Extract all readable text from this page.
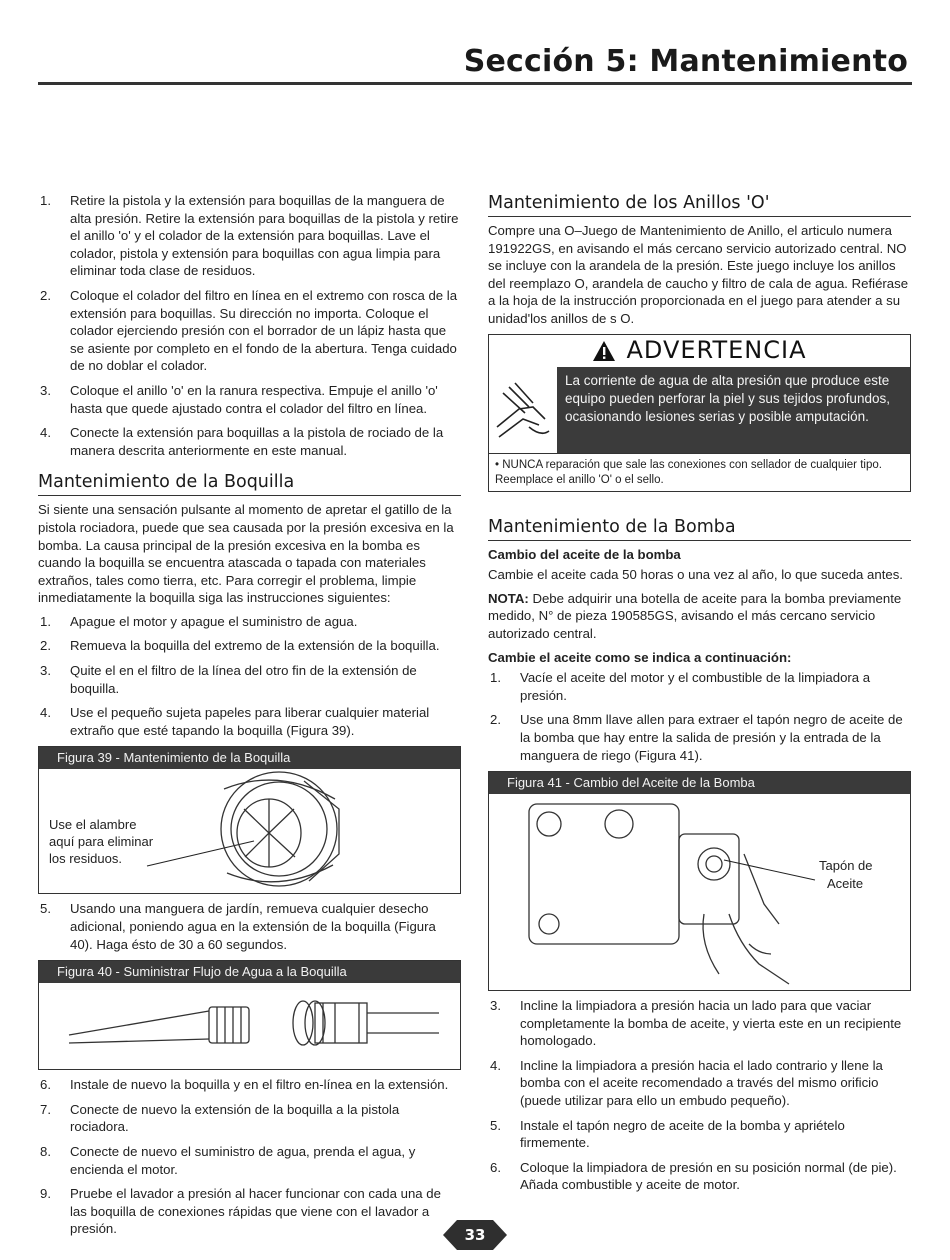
Sección 5: Mantenimiento
1. Retire la pistola y la extensión para boquillas de la manguera de alta presión. Retire la extensión para boquillas de la pistola y retire el anillo 'o' y el colador de la extensión para boquillas. Lave el colador, pistola y extensión para boquillas con agua limpia para eliminar toda clase de residuos.
2. Coloque el colador del filtro en línea en el extremo con rosca de la extensión para boquillas. Su dirección no importa. Coloque el colador ejerciendo presión con el borrador de un lápiz hasta que se asiente por completo en el fondo de la abertura. Tenga cuidado de no doblar el colador.
3. Coloque el anillo 'o' en la ranura respectiva. Empuje el anillo 'o' hasta que quede ajustado contra el colador del filtro en línea.
4. Conecte la extensión para boquillas a la pistola de rociado de la manera descrita anteriormente en este manual.
Mantenimiento de la Boquilla

Si siente una sensación pulsante al momento de apretar el gatillo de la pistola rociadora, puede que sea causada por la presión excesiva en la bomba. La causa principal de la presión excesiva en la bomba es cuando la boquilla se encuentra atascada o tapada con materiales extraños, tales como tierra, etc. Para corregir el problema, limpie inmediatamente la boquilla siga las instrucciones siguientes:

1. Apague el motor y apague el suministro de agua.
2. Remueva la boquilla del extremo de la extensión de la boquilla.
3. Quite el en el filtro de la línea del otro fin de la extensión de boquilla.
4. Use el pequeño sujeta papeles para liberar cualquier material extraño que esté tapando la boquilla (Figura 39).
Figura 39 - Mantenimiento de la Boquilla
Use el alambre
aquí para eliminar
los residuos.
5. Usando una manguera de jardín, remueva cualquier desecho adicional, poniendo agua en la extensión de la boquilla (Figura 40). Haga ésto de 30 a 60 segundos.
Figura 40 - Suministrar Flujo de Agua a la Boquilla
6. Instale de nuevo la boquilla y en el filtro en-línea en la extensión.
7. Conecte de nuevo la extensión de la boquilla a la pistola rociadora.
8. Conecte de nuevo el suministro de agua, prenda el agua, y encienda el motor.
9. Pruebe el lavador a presión al hacer funcionar con cada una de las boquilla de conexiones rápidas que viene con el lavador a presión.
Mantenimiento de los Anillos 'O'

Compre una O–Juego de Mantenimiento de Anillo, el articulo numera 191922GS, en avisando el más cercano servicio autorizado central. NO se incluye con la arandela de la presión. Este juego incluye los anillos del reemplazo O, arandela de caucho y filtro de cala de agua. Refiérase a la hoja de la instrucción proporcionada en el juego para atender a su unidad'los anillos de s O.

ADVERTENCIA
La corriente de agua de alta presión que produce este equipo pueden perforar la piel y sus tejidos profundos, ocasionando lesiones serias y posible amputación.
• NUNCA reparación que sale las conexiones con sellador de cualquier tipo. Reemplace el anillo 'O' o el sello.
Mantenimiento de la Bomba
Cambio del aceite de la bomba

Cambie el aceite cada 50 horas o una vez al año, lo que suceda antes.

NOTA: Debe adquirir una botella de aceite para la bomba previamente medido, N° de pieza 190585GS, avisando el más cercano servicio autorizado central.

Cambie el aceite como se indica a continuación:
1. Vacíe el aceite del motor y el combustible de la limpiadora a presión.
2. Use una 8mm llave allen para extraer el tapón negro de aceite de la bomba que hay entre la salida de presión y la entrada de la manguera de riego (Figura 41).
Figura 41 - Cambio del Aceite de la Bomba
Tapón de
Aceite
3. Incline la limpiadora a presión hacia un lado para que vaciar completamente la bomba de aceite, y vierta este en un recipiente homologado.
4. Incline la limpiadora a presión hacia el lado contrario y llene la bomba con el aceite recomendado a través del mismo orificio (puede utilizar para ello un embudo pequeño).
5. Instale el tapón negro de aceite de la bomba y apriételo firmemente.
6. Coloque la limpiadora de presión en su posición normal (de pie). Añada combustible y aceite de motor.
33
